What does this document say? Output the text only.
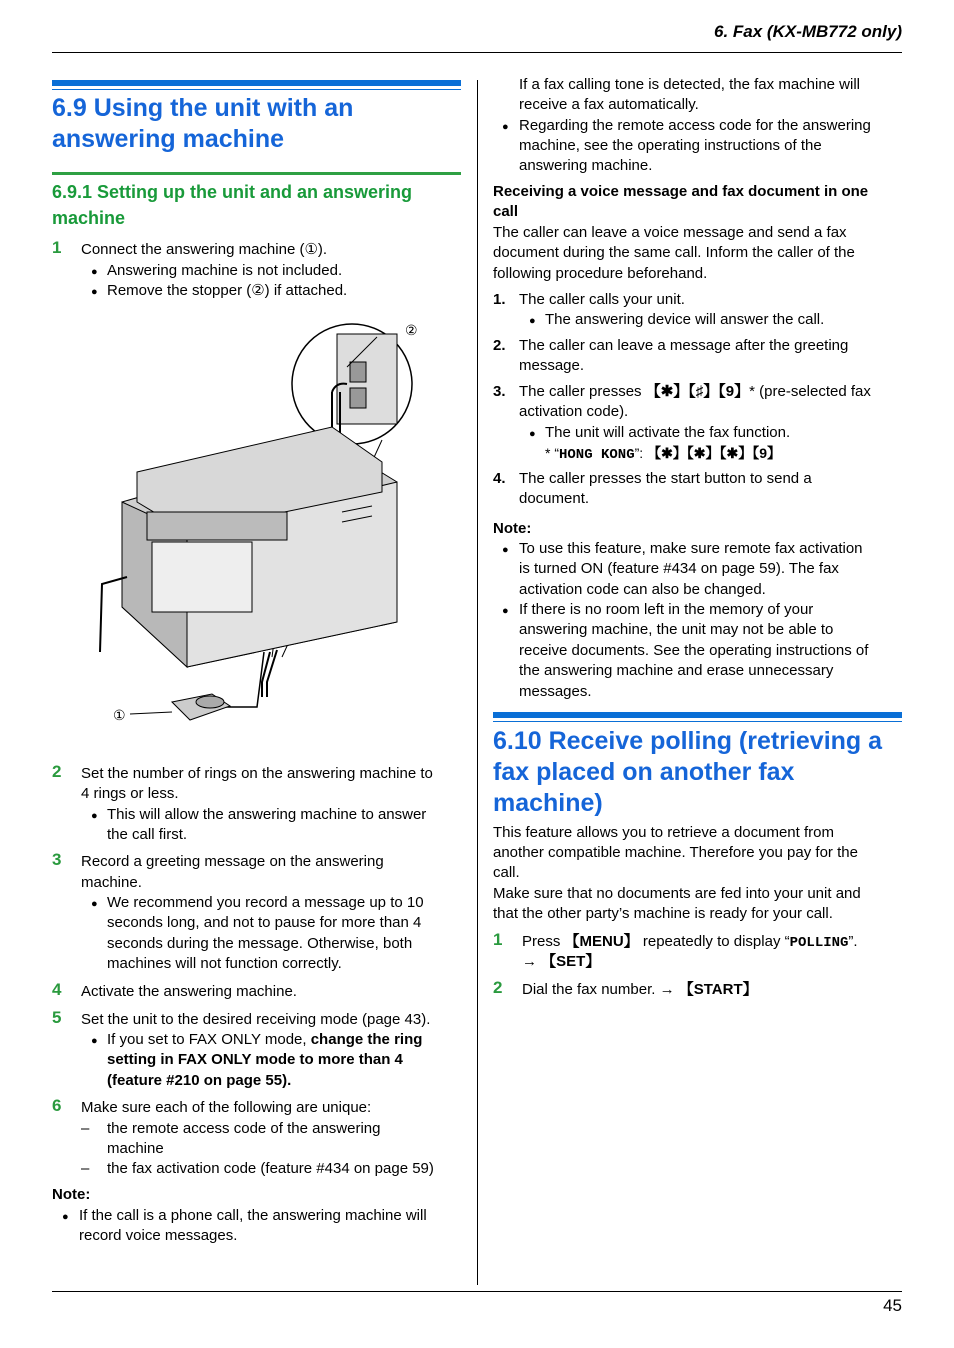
6. Fax (KX-MB772 only)
6.9 Using the unit with an
answering machine
6.9.1 Setting up the unit and an answering
machine
1 Connect the answering machine (①).
● Answering machine is not included.
● Remove the stopper (②) if attached.
①
②
2 Set the number of rings on the answering machine to
4 rings or less.
● This will allow the answering machine to answer
the call first.
3 Record a greeting message on the answering
machine.
● We recommend you record a message up to 10
seconds long, and not to pause for more than 4
seconds during the message. Otherwise, both
machines will not function correctly.
4 Activate the answering machine.
5 Set the unit to the desired receiving mode (page 43).
● If you set to FAX ONLY mode, change the ring
setting in FAX ONLY mode to more than 4
(feature #210 on page 55).
6 Make sure each of the following are unique:
– the remote access code of the answering
machine
– the fax activation code (feature #434 on page 59)
Note:
● If the call is a phone call, the answering machine will
record voice messages.
If a fax calling tone is detected, the fax machine will
receive a fax automatically.
● Regarding the remote access code for the answering
machine, see the operating instructions of the
answering machine.
Receiving a voice message and fax document in one
call
The caller can leave a voice message and send a fax
document during the same call. Inform the caller of the
following procedure beforehand.
1. The caller calls your unit.
● The answering device will answer the call.
2. The caller can leave a message after the greeting
message.
3. The caller presses 【✱】【♯】【9】* (pre-selected fax
activation code).
● The unit will activate the fax function.
* “HONG KONG”: 【✱】【✱】【✱】【9】
4. The caller presses the start button to send a
document.
Note:
● To use this feature, make sure remote fax activation
is turned ON (feature #434 on page 59). The fax
activation code can also be changed.
● If there is no room left in the memory of your
answering machine, the unit may not be able to
receive documents. See the operating instructions of
the answering machine and erase unnecessary
messages.
6.10 Receive polling (retrieving a
fax placed on another fax
machine)
This feature allows you to retrieve a document from
another compatible machine. Therefore you pay for the
call.
Make sure that no documents are fed into your unit and
that the other party’s machine is ready for your call.
1 Press 【MENU】 repeatedly to display “POLLING”.
→ 【SET】
2 Dial the fax number. → 【START】
45
